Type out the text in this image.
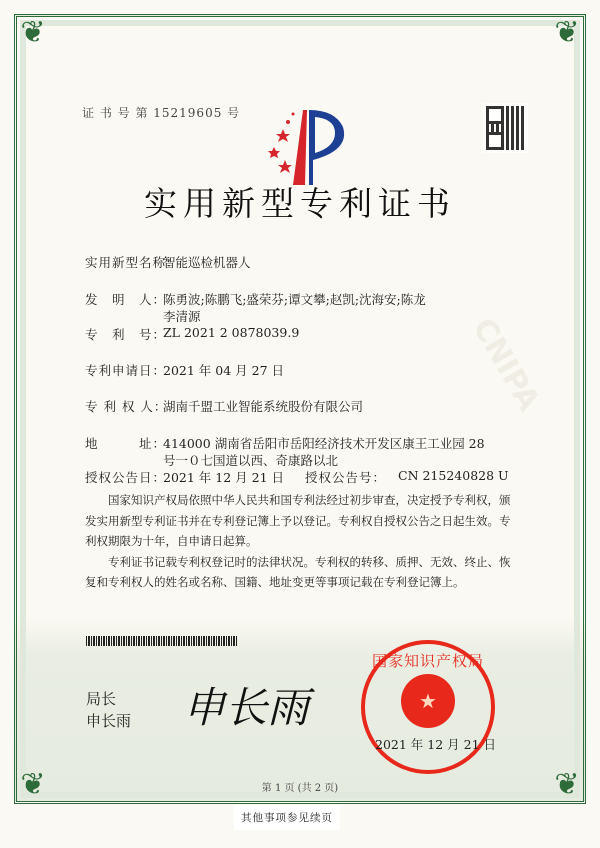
❦	❦
❦	❦
CNIPA
证 书 号 第 15219605 号
实用新型专利证书
实用新型名称：
智能巡检机器人
发　明　人：
陈勇波;陈鹏飞;盛荣芬;谭文攀;赵凯;沈海安;陈龙
李清源
专　利　号：
ZL 2021 2 0878039.9
专利申请日：
2021 年 04 月 27 日
专 利 权 人：
湖南千盟工业智能系统股份有限公司
地　　　址：
414000 湖南省岳阳市岳阳经济技术开发区康王工业园 28
号一０七国道以西、奇康路以北
授权公告日：
2021 年 12 月 21 日 授权公告号： CN 215240828 U

国家知识产权局依照中华人民共和国专利法经过初步审查，决定授予专利权，颁发实用新型专利证书并在专利登记簿上予以登记。专利权自授权公告之日起生效。专利权期限为十年，自申请日起算。

专利证书记载专利权登记时的法律状况。专利权的转移、质押、无效、终止、恢复和专利权人的姓名或名称、国籍、地址变更等事项记载在专利登记簿上。

局长
申长雨 申长雨	★
国家知识产权局
2021 年 12 月 21 日
第 1 页 (共 2 页)
其他事项参见续页
